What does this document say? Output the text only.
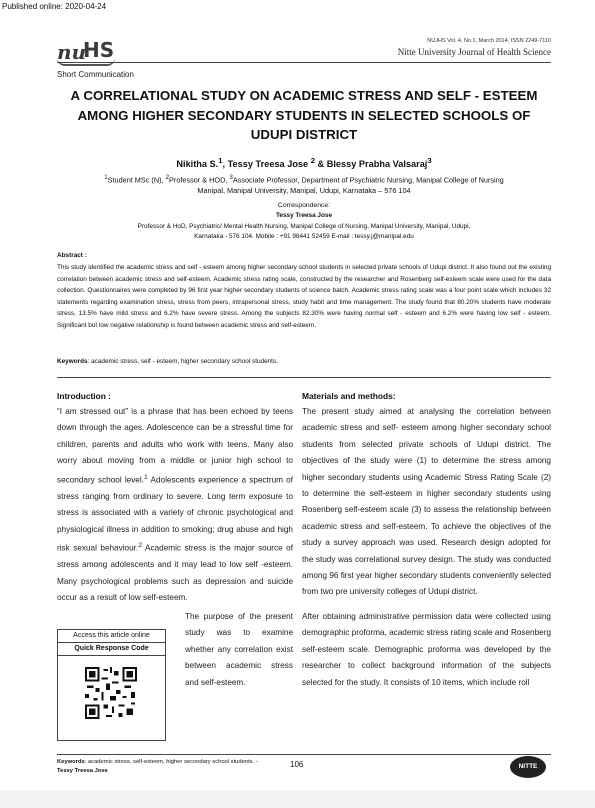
Published online: 2020-04-24
nu
HS	NUJHS Vol. 4, No.1, March 2014, ISSN 2249-7110
Nitte University Journal of Health Science
Short Communication
A CORRELATIONAL STUDY ON ACADEMIC STRESS AND SELF - ESTEEM AMONG HIGHER SECONDARY STUDENTS IN SELECTED SCHOOLS OF UDUPI DISTRICT
Nikitha S.$^1$, Tessy Treesa Jose $^2$ & Blessy Prabha Valsaraj$^3$
$^1$Student MSc (N), $^2$Professor & HOD, $^3$Associate Professor, Department of Psychiatric Nursing, Manipal College of Nursing Manipal, Manipal University, Manipal, Udupi, Karnataka – 576 104
Correspondence:
Tessy Treesa Jose
Professor & HoD, Psychiatric/ Mental Health Nursing, Manipal College of Nursing, Manipal University, Manipal, Udupi,
Karnataka - 576 104. Mobile : +91 98441 52459 E-mail : tessy.j@manipal.edu
Abstract :
This study identified the academic stress and self - esteem among higher secondary school students in selected private schools of Udupi district. It also found out the existing correlation between academic stress and self-esteem. Academic stress rating scale, constructed by the researcher and Rosenberg self-esteem scale were used for the data collection. Questionnaires were completed by 96 first year higher secondary students of science batch. Academic stress rating scale was a four point scale which includes 32 statements regarding examination stress, stress from peers, intrapersonal stress, study habit and time management. The study found that 80.20% students have moderate stress, 13.5% have mild stress and 6.2% have severe stress. Among the subjects 82.30% were having normal self - esteem and 6.2% were having low self - esteem. Significant but low negative relationship is found between academic stress and self-esteem.
Keywords: academic stress, self - esteem, higher secondary school students.
Introduction :

“I am stressed out” is a phrase that has been echoed by teens down through the ages. Adolescence can be a stressful time for children, parents and adults who work with teens. Many also worry about moving from a middle or junior high school to secondary school level.$^1$ Adolescents experience a spectrum of stress ranging from ordinary to severe. Long term exposure to stress is associated with a variety of chronic psychological and physiological illness in addition to smoking; drug abuse and high risk sexual behaviour.$^2$ Academic stress is the major source of stress among adolescents and it may lead to low self -esteem. Many psychological problems such as depression and suicide occur as a result of low self-esteem.

The purpose of the present study was to examine whether any correlation exist between academic stress and self-esteem.
Access this article online
Quick Response Code
Materials and methods:

The present study aimed at analysing the correlation between academic stress and self- esteem among higher secondary school students from selected private schools of Udupi district. The objectives of the study were (1) to determine the stress among higher secondary students using Academic Stress Rating Scale (2) to determine the self-esteem in higher secondary students using Rosenberg self-esteem scale (3) to assess the relationship between academic stress and self-esteem. To achieve the objectives of the study a survey approach was used. Research design adopted for the study was correlational survey design. The study was conducted among 96 first year higher secondary students conveniently selected from two pre university colleges of Udupi district.

After obtaining administrative permission data were collected using demographic proforma, academic stress rating scale and Rosenberg self-esteem scale. Demographic proforma was developed by the researcher to collect background information of the subjects selected for the study. It consists of 10 items, which include roll

Keywords: academic stress, self-esteem, higher secondary school students. - Tessy Treesa Jose
106	NITTE
